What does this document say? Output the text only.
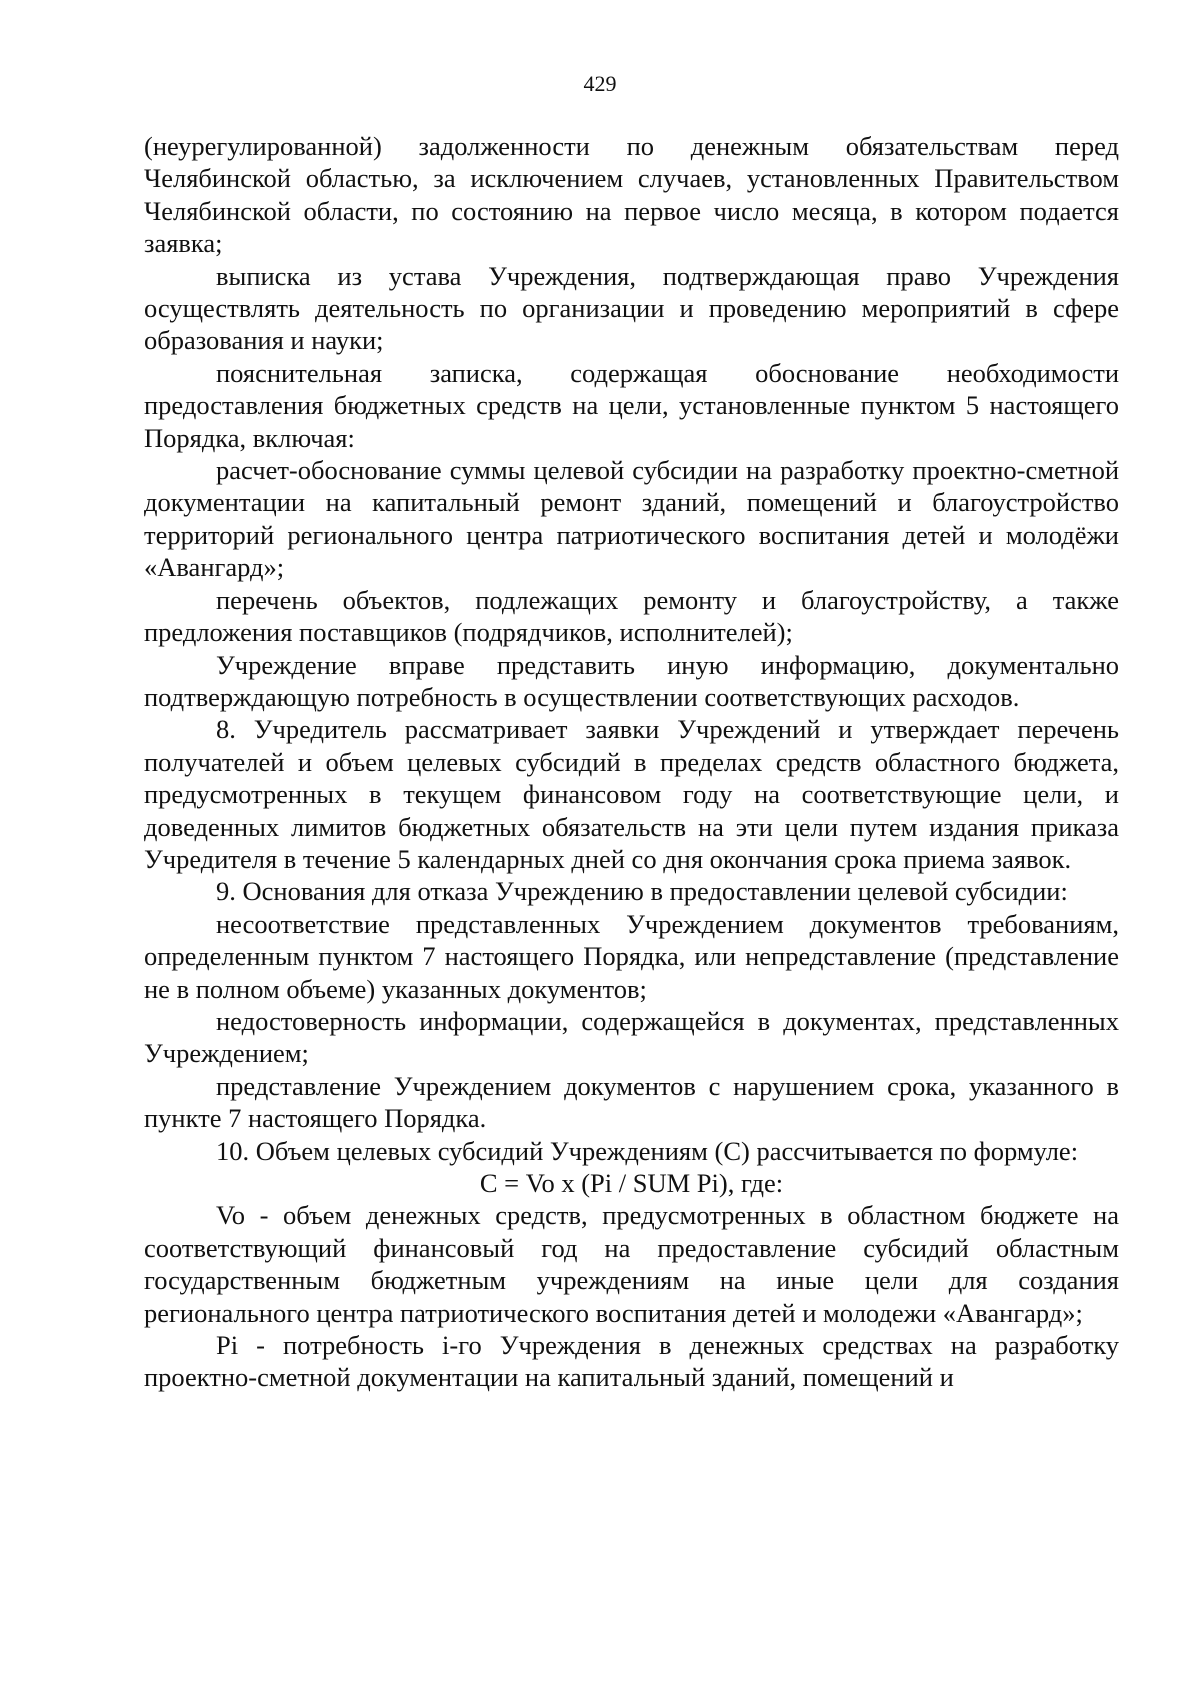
429

(неурегулированной) задолженности по денежным обязательствам перед Челябинской областью, за исключением случаев, установленных Правительством Челябинской области, по состоянию на первое число месяца, в котором подается заявка;

выписка из устава Учреждения, подтверждающая право Учреждения осуществлять деятельность по организации и проведению мероприятий в сфере образования и науки;

пояснительная записка, содержащая обоснование необходимости предоставления бюджетных средств на цели, установленные пунктом 5 настоящего Порядка, включая:

расчет-обоснование суммы целевой субсидии на разработку проектно-сметной документации на капитальный ремонт зданий, помещений и благоустройство территорий регионального центра патриотического воспитания детей и молодёжи «Авангард»;

перечень объектов, подлежащих ремонту и благоустройству, а также предложения поставщиков (подрядчиков, исполнителей);

Учреждение вправе представить иную информацию, документально подтверждающую потребность в осуществлении соответствующих расходов.

8. Учредитель рассматривает заявки Учреждений и утверждает перечень получателей и объем целевых субсидий в пределах средств областного бюджета, предусмотренных в текущем финансовом году на соответствующие цели, и доведенных лимитов бюджетных обязательств на эти цели путем издания приказа Учредителя в течение 5 календарных дней со дня окончания срока приема заявок.

9. Основания для отказа Учреждению в предоставлении целевой субсидии:

несоответствие представленных Учреждением документов требованиям, определенным пунктом 7 настоящего Порядка, или непредставление (представление не в полном объеме) указанных документов;

недостоверность информации, содержащейся в документах, представленных Учреждением;

представление Учреждением документов с нарушением срока, указанного в пункте 7 настоящего Порядка.

10. Объем целевых субсидий Учреждениям (С) рассчитывается по формуле:

С = Vo х (Pi / SUM Pi), где:

Vo - объем денежных средств, предусмотренных в областном бюджете на соответствующий финансовый год на предоставление субсидий областным государственным бюджетным учреждениям на иные цели для создания регионального центра патриотического воспитания детей и молодежи «Авангард»;

Pi - потребность i-го Учреждения в денежных средствах на разработку проектно-сметной документации на капитальный зданий, помещений и
